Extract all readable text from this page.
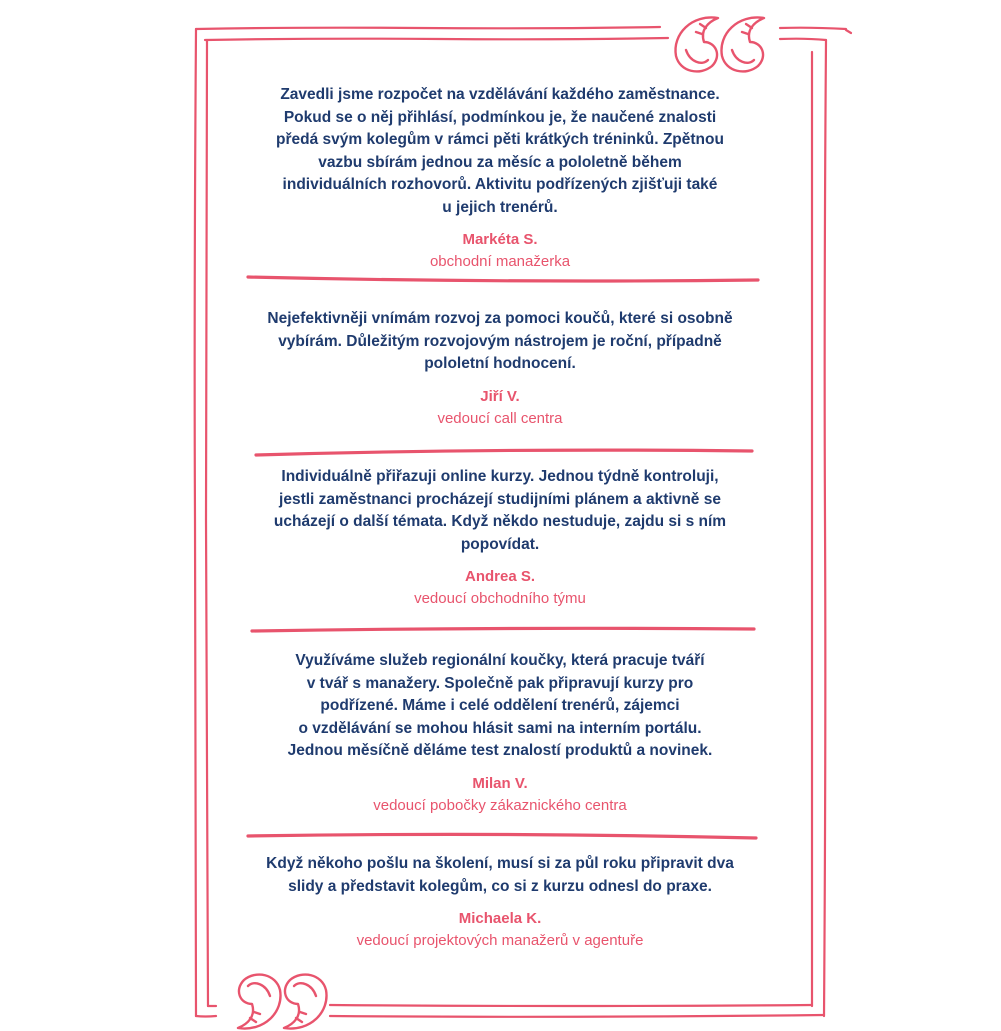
Zavedli jsme rozpočet na vzdělávání každého zaměstnance.
Pokud se o něj přihlásí, podmínkou je, že naučené znalosti
předá svým kolegům v rámci pěti krátkých tréninků. Zpětnou
vazbu sbírám jednou za měsíc a pololetně během
individuálních rozhovorů. Aktivitu podřízených zjišťuji také
u jejich trenérů.

Markéta S.
obchodní manažerka

Nejefektivněji vnímám rozvoj za pomoci koučů, které si osobně
vybírám. Důležitým rozvojovým nástrojem je roční, případně
pololetní hodnocení.

Jiří V.
vedoucí call centra

Individuálně přiřazuji online kurzy. Jednou týdně kontroluji,
jestli zaměstnanci procházejí studijními plánem a aktivně se
ucházejí o další témata. Když někdo nestuduje, zajdu si s ním
popovídat.

Andrea S.
vedoucí obchodního týmu

Využíváme služeb regionální koučky, která pracuje tváří
v tvář s manažery. Společně pak připravují kurzy pro
podřízené. Máme i celé oddělení trenérů, zájemci
o vzdělávání se mohou hlásit sami na interním portálu.
Jednou měsíčně děláme test znalostí produktů a novinek.

Milan V.
vedoucí pobočky zákaznického centra

Když někoho pošlu na školení, musí si za půl roku připravit dva
slidy a představit kolegům, co si z kurzu odnesl do praxe.

Michaela K.
vedoucí projektových manažerů v agentuře
